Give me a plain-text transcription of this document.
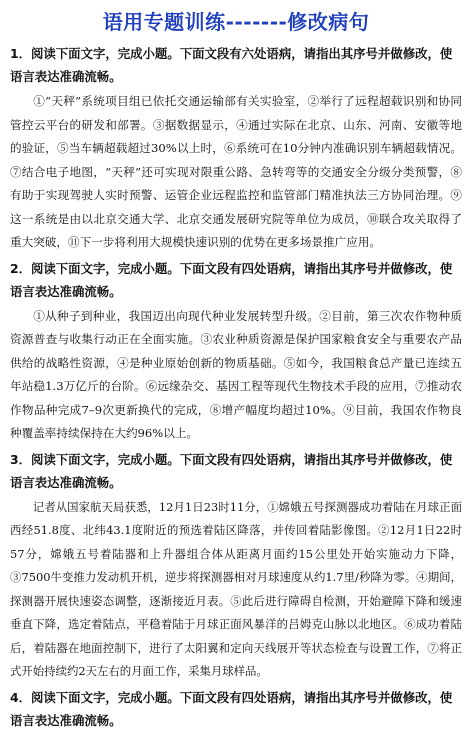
语用专题训练-------修改病句

1．阅读下面文字，完成小题。下面文段有六处语病，请指出其序号并做修改，使语言表达准确流畅。

①“天秤”系统项目组已依托交通运输部有关实验室，②举行了远程超载识别和协同管控云平台的研发和部署。③据数据显示，④通过实际在北京、山东、河南、安徽等地的验证，⑤当车辆超载超过30%以上时，⑥系统可在10分钟内准确识别车辆超载情况。⑦结合电子地图，“天秤”还可实现对限重公路、急转弯等的交通安全分级分类预警，⑧有助于实现驾驶人实时预警、运管企业远程监控和监管部门精准执法三方协同治理。⑨这一系统是由以北京交通大学、北京交通发展研究院等单位为成员，⑩联合攻关取得了重大突破，⑪下一步将利用大规模快速识别的优势在更多场景推广应用。

2．阅读下面文字，完成小题。下面文段有四处语病，请指出其序号并做修改，使语言表达准确流畅。

①从种子到种业，我国迈出向现代种业发展转型升级。②目前，第三次农作物种质资源普查与收集行动正在全面实施。③农业种质资源是保护国家粮食安全与重要农产品供给的战略性资源，④是种业原始创新的物质基础。⑤如今，我国粮食总产量已连续五年站稳1.3万亿斤的台阶。⑥远缘杂交、基因工程等现代生物技术手段的应用，⑦推动农作物品种完成7–9次更新换代的完成，⑧增产幅度均超过10%。⑨目前，我国农作物良种覆盖率持续保持在大约96%以上。

3．阅读下面文字，完成小题。下面文段有四处语病，请指出其序号并做修改，使语言表达准确流畅。

记者从国家航天局获悉，12月1日23时11分，①嫦娥五号探测器成功着陆在月球正面西经51.8度、北纬43.1度附近的预选着陆区降落，并传回着陆影像图。②12月1日22时57分，嫦娥五号着陆器和上升器组合体从距离月面约15公里处开始实施动力下降，③7500牛变推力发动机开机，逆步将探测器相对月球速度从约1.7里/秒降为零。④期间，探测器开展快速姿态调整，逐渐接近月表。⑤此后进行障碍自检测，开始避障下降和缓速垂直下降，选定着陆点，平稳着陆于月球正面风暴洋的吕姆克山脉以北地区。⑥成功着陆后，着陆器在地面控制下，进行了太阳翼和定向天线展开等状态检查与设置工作，⑦将正式开始持续约2天左右的月面工作，采集月球样品。

4．阅读下面文字，完成小题。下面文段有四处语病，请指出其序号并做修改，使语言表达准确流畅。
